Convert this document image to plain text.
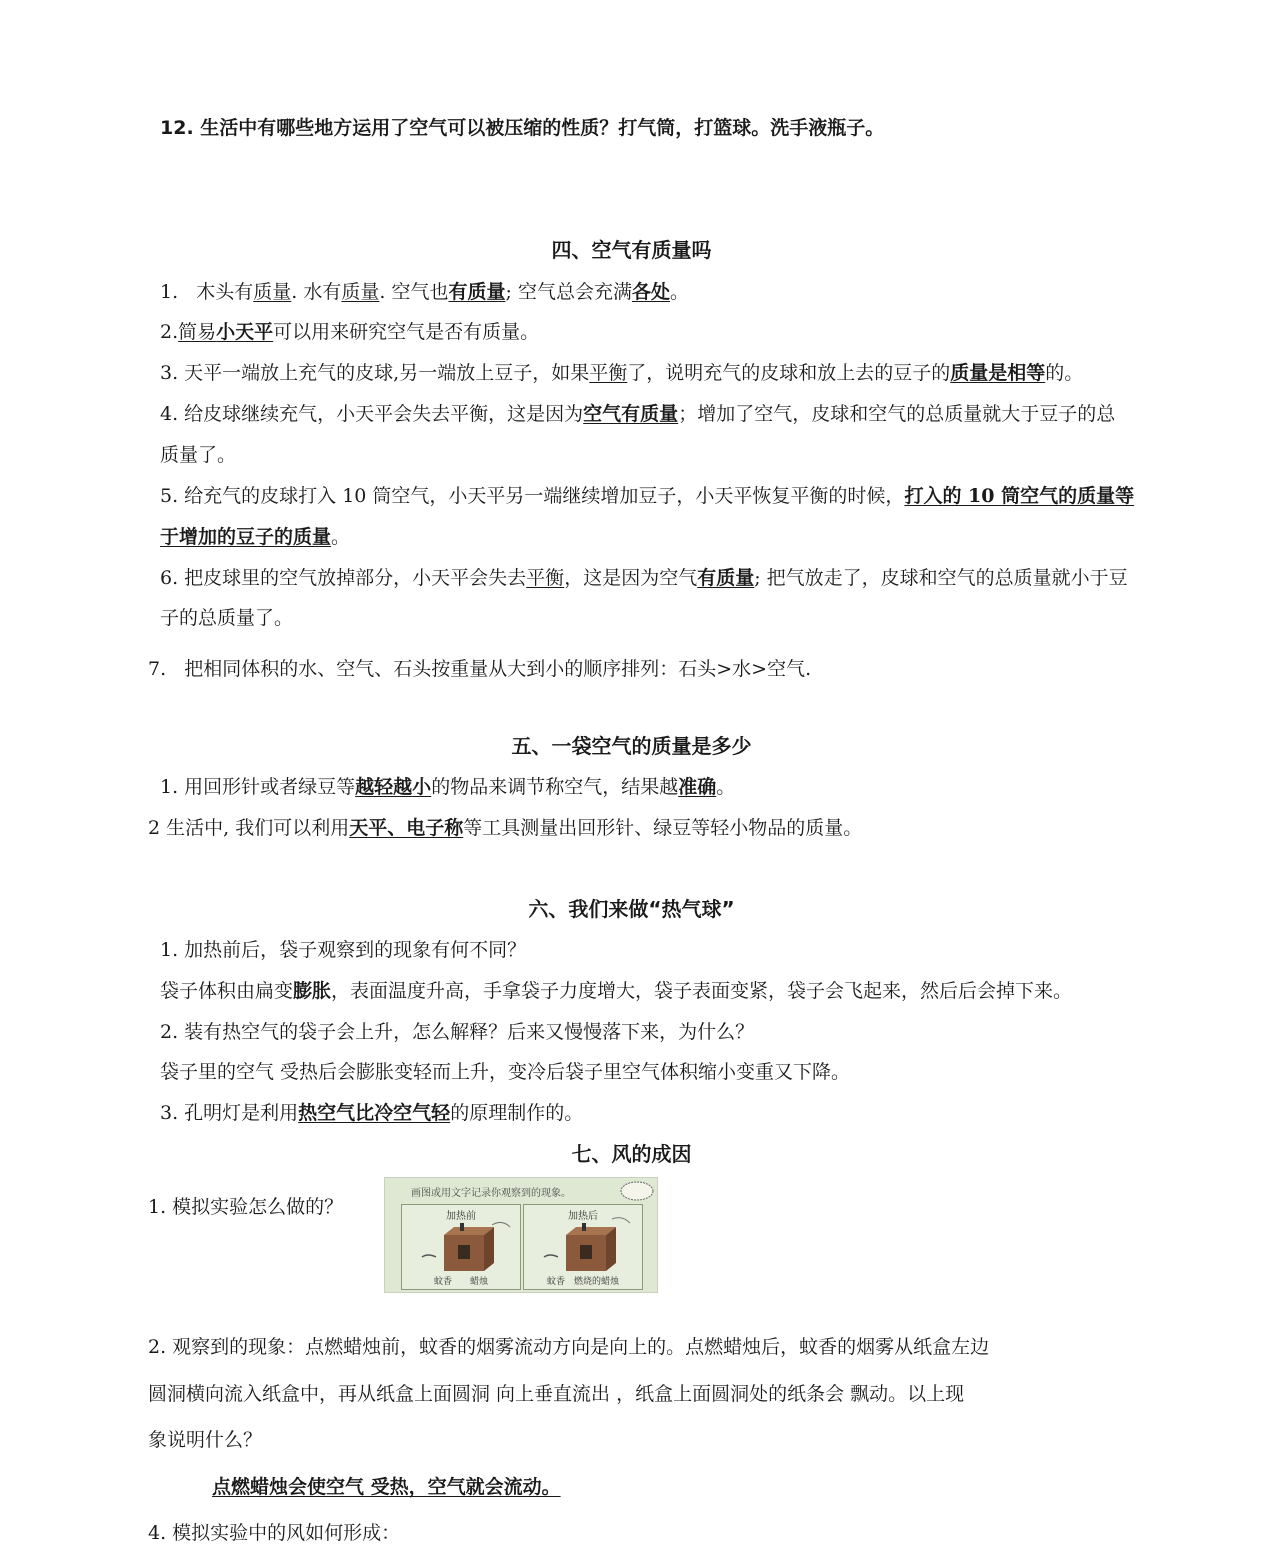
12. 生活中有哪些地方运用了空气可以被压缩的性质？打气筒，打篮球。洗手液瓶子。
四、空气有质量吗
1. 木头有质量. 水有质量. 空气也有质量; 空气总会充满各处。
2.简易小天平可以用来研究空气是否有质量。
3. 天平一端放上充气的皮球,另一端放上豆子，如果平衡了，说明充气的皮球和放上去的豆子的质量是相等的。
4. 给皮球继续充气，小天平会失去平衡，这是因为空气有质量；增加了空气，皮球和空气的总质量就大于豆子的总
质量了。
5. 给充气的皮球打入 10 筒空气，小天平另一端继续增加豆子，小天平恢复平衡的时候，打入的 10 筒空气的质量等
于增加的豆子的质量。
6. 把皮球里的空气放掉部分，小天平会失去平衡，这是因为空气有质量; 把气放走了，皮球和空气的总质量就小于豆
子的总质量了。
7. 把相同体积的水、空气、石头按重量从大到小的顺序排列：石头>水>空气.
五、一袋空气的质量是多少
1. 用回形针或者绿豆等越轻越小的物品来调节称空气，结果越准确。
2 生活中, 我们可以利用天平、电子称等工具测量出回形针、绿豆等轻小物品的质量。
六、我们来做“热气球”
1. 加热前后，袋子观察到的现象有何不同？
袋子体积由扁变膨胀，表面温度升高，手拿袋子力度增大，袋子表面变紧，袋子会飞起来，然后后会掉下来。
2. 装有热空气的袋子会上升，怎么解释？后来又慢慢落下来，为什么？
袋子里的空气 受热后会膨胀变轻而上升，变冷后袋子里空气体积缩小变重又下降。
3. 孔明灯是利用热空气比冷空气轻的原理制作的。
七、风的成因
1. 模拟实验怎么做的？
画图或用文字记录你观察到的现象。
加热前
蚊香　　蜡烛
加热后
蚊香　燃烧的蜡烛
2. 观察到的现象：点燃蜡烛前，蚊香的烟雾流动方向是向上的。点燃蜡烛后，蚊香的烟雾从纸盒左边
圆洞横向流入纸盒中，再从纸盒上面圆洞 向上垂直流出 ，纸盒上面圆洞处的纸条会 飘动。以上现
象说明什么？
点燃蜡烛会使空气 受热，空气就会流动。
4. 模拟实验中的风如何形成：
